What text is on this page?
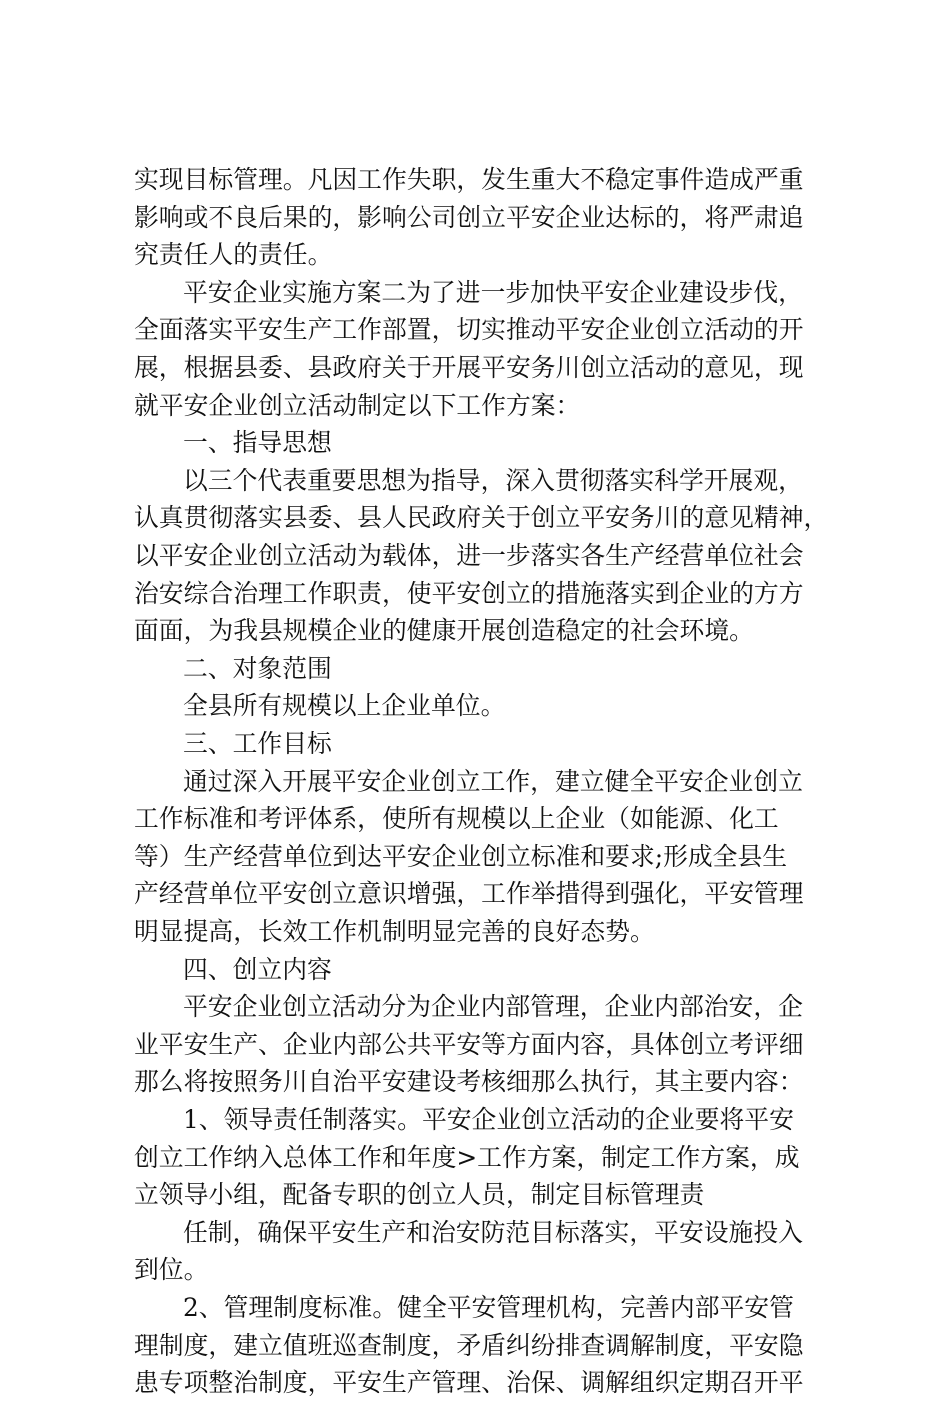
实现目标管理。凡因工作失职，发生重大不稳定事件造成严重
影响或不良后果的，影响公司创立平安企业达标的，将严肃追
究责任人的责任。
平安企业实施方案二为了进一步加快平安企业建设步伐，
全面落实平安生产工作部置，切实推动平安企业创立活动的开
展，根据县委、县政府关于开展平安务川创立活动的意见，现
就平安企业创立活动制定以下工作方案：
一、指导思想
以三个代表重要思想为指导，深入贯彻落实科学开展观，
认真贯彻落实县委、县人民政府关于创立平安务川的意见精神，
以平安企业创立活动为载体，进一步落实各生产经营单位社会
治安综合治理工作职责，使平安创立的措施落实到企业的方方
面面，为我县规模企业的健康开展创造稳定的社会环境。
二、对象范围
全县所有规模以上企业单位。
三、工作目标
通过深入开展平安企业创立工作，建立健全平安企业创立
工作标准和考评体系，使所有规模以上企业（如能源、化工
等）生产经营单位到达平安企业创立标准和要求;形成全县生
产经营单位平安创立意识增强，工作举措得到强化，平安管理
明显提高，长效工作机制明显完善的良好态势。
四、创立内容
平安企业创立活动分为企业内部管理，企业内部治安，企
业平安生产、企业内部公共平安等方面内容，具体创立考评细
那么将按照务川自治平安建设考核细那么执行，其主要内容：
1、领导责任制落实。平安企业创立活动的企业要将平安
创立工作纳入总体工作和年度>工作方案，制定工作方案，成
立领导小组，配备专职的创立人员，制定目标管理责
任制，确保平安生产和治安防范目标落实，平安设施投入
到位。
2、管理制度标准。健全平安管理机构，完善内部平安管
理制度，建立值班巡查制度，矛盾纠纷排查调解制度，平安隐
患专项整治制度，平安生产管理、治保、调解组织定期召开平
